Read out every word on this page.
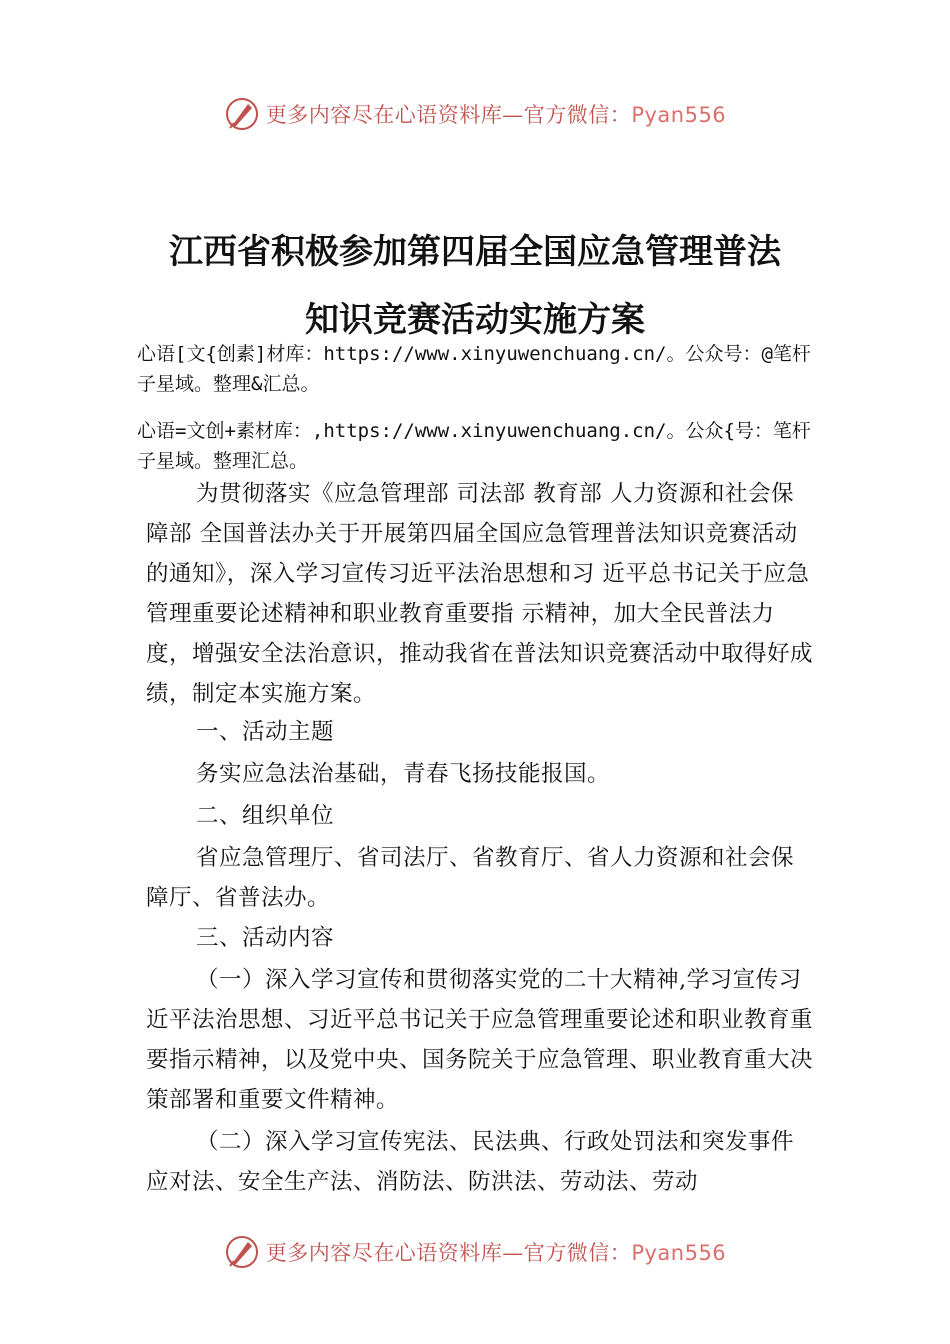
更多内容尽在心语资料库—官方微信：Pyan556
江西省积极参加第四届全国应急管理普法
知识竞赛活动实施方案

心语[文{创素]材库：https://www.xinyuwenchuang.cn/。公众号：@笔杆子星域。整理&汇总。

心语=文创+素材库：,https://www.xinyuwenchuang.cn/。公众{号：笔杆子星域。整理汇总。

为贯彻落实《应急管理部 司法部 教育部 人力资源和社会保障部 全国普法办关于开展第四届全国应急管理普法知识竞赛活动的通知》，深入学习宣传习近平法治思想和习 近平总书记关于应急管理重要论述精神和职业教育重要指 示精神，加大全民普法力度，增强安全法治意识，推动我省在普法知识竞赛活动中取得好成绩，制定本实施方案。

一、活动主题

务实应急法治基础，青春飞扬技能报国。

二、组织单位

省应急管理厅、省司法厅、省教育厅、省人力资源和社会保障厅、省普法办。

三、活动内容

（一）深入学习宣传和贯彻落实党的二十大精神,学习宣传习近平法治思想、习近平总书记关于应急管理重要论述和职业教育重要指示精神，以及党中央、国务院关于应急管理、职业教育重大决策部署和重要文件精神。

（二）深入学习宣传宪法、民法典、行政处罚法和突发事件应对法、安全生产法、消防法、防洪法、劳动法、劳动

更多内容尽在心语资料库—官方微信：Pyan556
